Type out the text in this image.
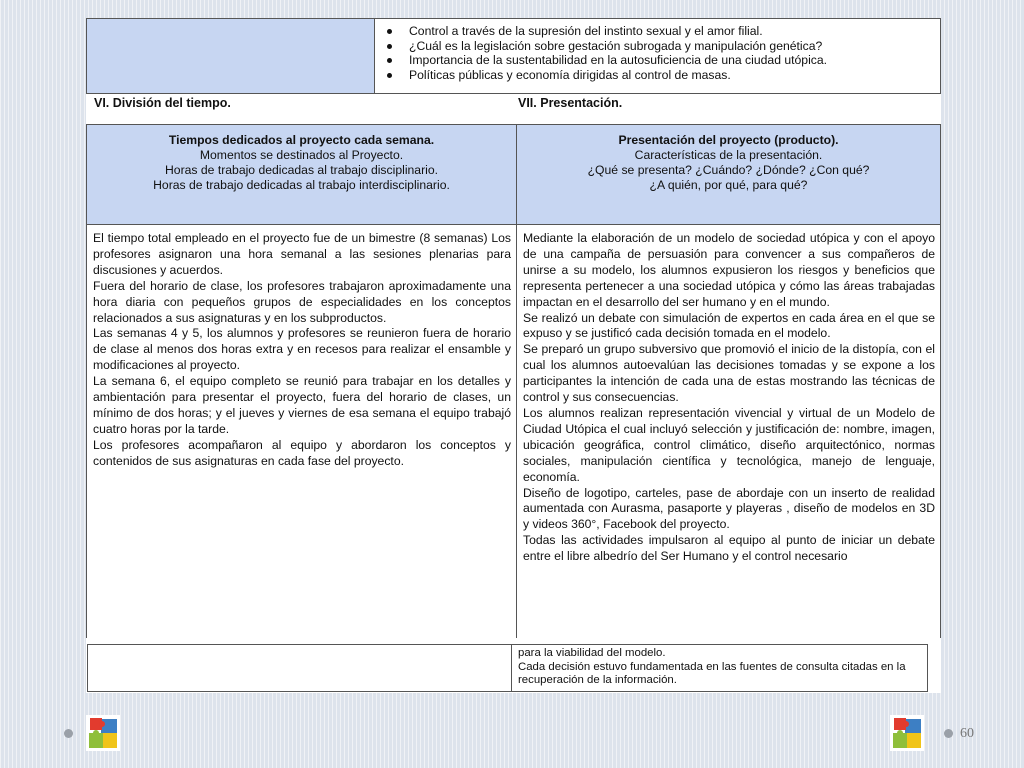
Control a través de la supresión del instinto sexual y el amor filial.
¿Cuál es la legislación sobre gestación subrogada y manipulación genética?
Importancia de la sustentabilidad en la autosuficiencia de una ciudad utópica.
Políticas públicas y economía dirigidas al control de masas.
VI. División del tiempo.	VII. Presentación.
Tiempos dedicados al proyecto cada semana.
Momentos se destinados al Proyecto.
Horas de trabajo dedicadas al trabajo disciplinario.
Horas de trabajo dedicadas al trabajo interdisciplinario.
Presentación del proyecto (producto).
Características de la presentación.
¿Qué se presenta? ¿Cuándo? ¿Dónde? ¿Con qué?
¿A quién, por qué, para qué?

El tiempo total empleado en el proyecto fue de un bimestre (8 semanas) Los profesores asignaron una hora semanal a las sesiones plenarias para discusiones y acuerdos.

Fuera del horario de clase, los profesores trabajaron aproximadamente una hora diaria con pequeños grupos de especialidades en los conceptos relacionados a sus asignaturas y en los subproductos.

Las semanas 4 y 5, los alumnos y profesores se reunieron fuera de horario de clase al menos dos horas extra y en recesos para realizar el ensamble y modificaciones al proyecto.

La semana 6, el equipo completo se reunió para trabajar en los detalles y ambientación para presentar el proyecto, fuera del horario de clases, un mínimo de dos horas; y el jueves y viernes de esa semana el equipo trabajó cuatro horas por la tarde.

Los profesores acompañaron al equipo y abordaron los conceptos y contenidos de sus asignaturas en cada fase del proyecto.

Mediante la elaboración de un modelo de sociedad utópica y con el apoyo de una campaña de persuasión para convencer a sus compañeros de unirse a su modelo, los alumnos expusieron los riesgos y beneficios que representa pertenecer a una sociedad utópica y cómo las áreas trabajadas impactan en el desarrollo del ser humano y en el mundo.

Se realizó un debate con simulación de expertos en cada área en el que se expuso y se justificó cada decisión tomada en el modelo.

Se preparó un grupo subversivo que promovió el inicio de la distopía, con el cual los alumnos autoevalúan las decisiones tomadas y se expone a los participantes la intención de cada una de estas mostrando las técnicas de control y sus consecuencias.

Los alumnos realizan representación vivencial y virtual de un Modelo de Ciudad Utópica el cual incluyó selección y justificación de: nombre, imagen, ubicación geográfica, control climático, diseño arquitectónico, normas sociales, manipulación científica y tecnológica, manejo de lenguaje, economía.

Diseño de logotipo, carteles, pase de abordaje con un inserto de realidad aumentada con Aurasma, pasaporte y playeras , diseño de modelos en 3D y videos 360°, Facebook del proyecto.

Todas las actividades impulsaron al equipo al punto de iniciar un debate entre el libre albedrío del Ser Humano y el control necesario

para la viabilidad del modelo.

Cada decisión estuvo fundamentada en las fuentes de consulta citadas en la recuperación de la información.

60
